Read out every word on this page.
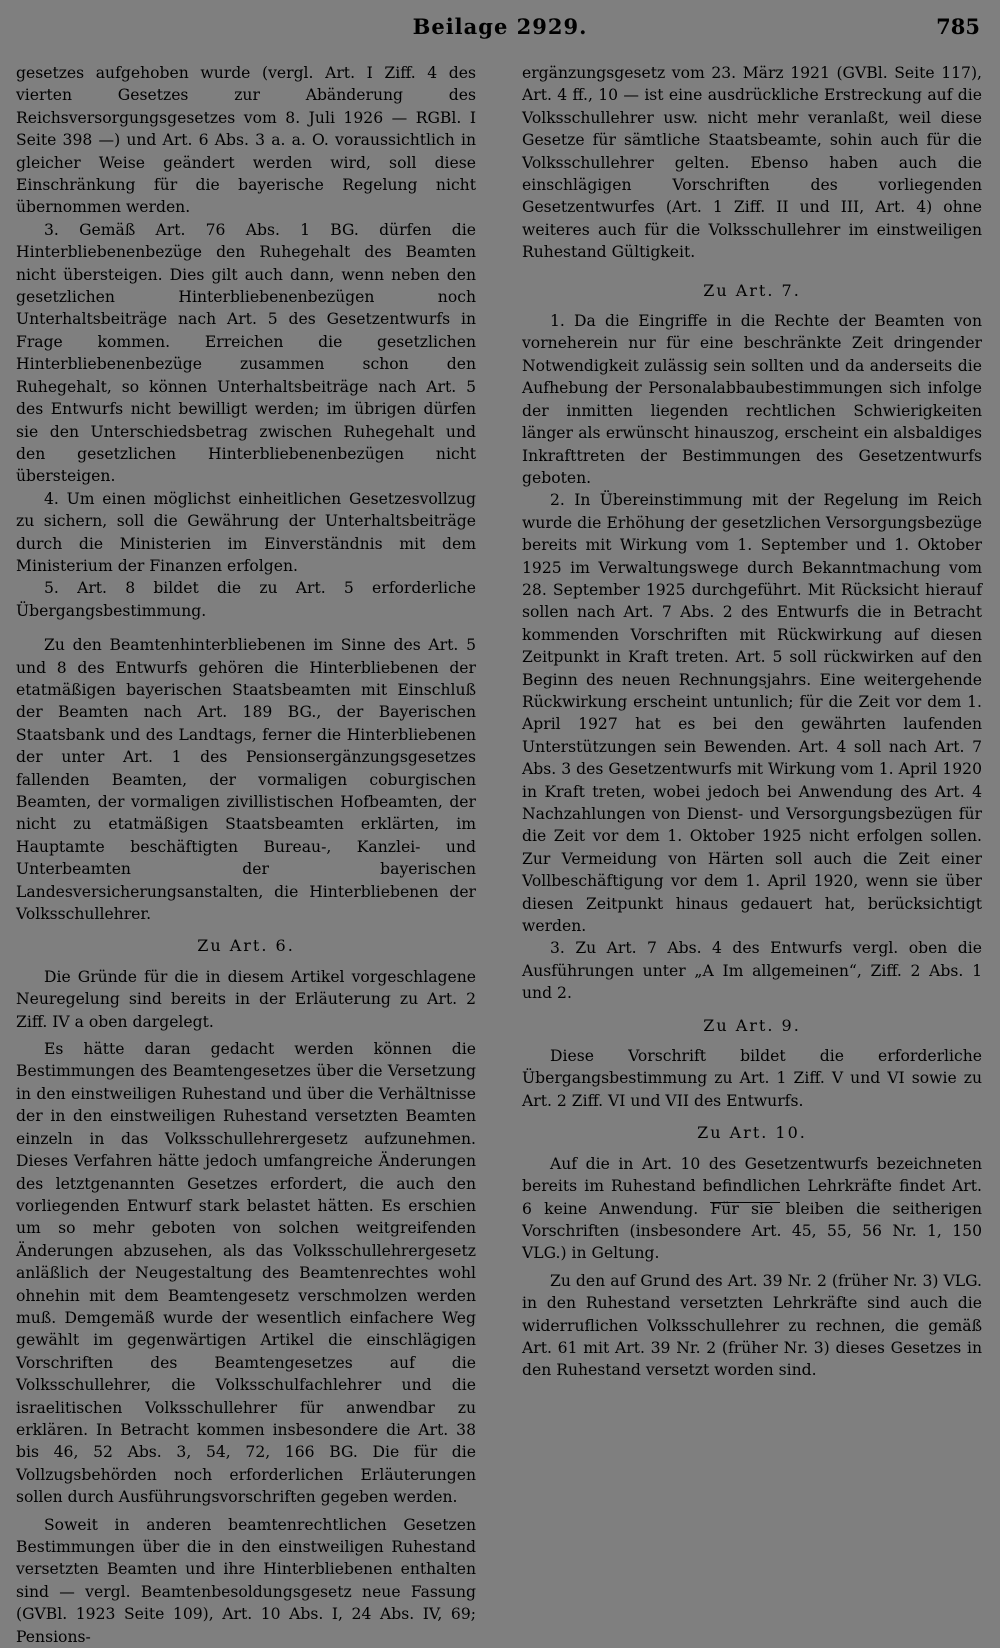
Beilage 2929.	785

gesetzes aufgehoben wurde (vergl. Art. I Ziff. 4 des vierten Gesetzes zur Abänderung des Reichsversorgungsgesetzes vom 8. Juli 1926 — RGBl. I Seite 398 —) und Art. 6 Abs. 3 a. a. O. voraussichtlich in gleicher Weise geändert werden wird, soll diese Einschränkung für die bayerische Regelung nicht übernommen werden.

3. Gemäß Art. 76 Abs. 1 BG. dürfen die Hinterbliebenenbezüge den Ruhegehalt des Beamten nicht übersteigen. Dies gilt auch dann, wenn neben den gesetzlichen Hinterbliebenenbezügen noch Unterhaltsbeiträge nach Art. 5 des Gesetzentwurfs in Frage kommen. Erreichen die gesetzlichen Hinterbliebenenbezüge zusammen schon den Ruhegehalt, so können Unterhaltsbeiträge nach Art. 5 des Entwurfs nicht bewilligt werden; im übrigen dürfen sie den Unterschiedsbetrag zwischen Ruhegehalt und den gesetzlichen Hinterbliebenenbezügen nicht übersteigen.

4. Um einen möglichst einheitlichen Gesetzesvollzug zu sichern, soll die Gewährung der Unterhaltsbeiträge durch die Ministerien im Einverständnis mit dem Ministerium der Finanzen erfolgen.

5. Art. 8 bildet die zu Art. 5 erforderliche Übergangsbestimmung.

Zu den Beamtenhinterbliebenen im Sinne des Art. 5 und 8 des Entwurfs gehören die Hinterbliebenen der etatmäßigen bayerischen Staatsbeamten mit Einschluß der Beamten nach Art. 189 BG., der Bayerischen Staatsbank und des Landtags, ferner die Hinterbliebenen der unter Art. 1 des Pensionsergänzungsgesetzes fallenden Beamten, der vormaligen coburgischen Beamten, der vormaligen zivillistischen Hofbeamten, der nicht zu etatmäßigen Staatsbeamten erklärten, im Hauptamte beschäftigten Bureau-, Kanzlei- und Unterbeamten der bayerischen Landesversicherungsanstalten, die Hinterbliebenen der Volksschullehrer.

Zu Art. 6.

Die Gründe für die in diesem Artikel vorgeschlagene Neuregelung sind bereits in der Erläuterung zu Art. 2 Ziff. IV a oben dargelegt.

Es hätte daran gedacht werden können die Bestimmungen des Beamtengesetzes über die Versetzung in den einstweiligen Ruhestand und über die Verhältnisse der in den einstweiligen Ruhestand versetzten Beamten einzeln in das Volksschullehrergesetz aufzunehmen. Dieses Verfahren hätte jedoch umfangreiche Änderungen des letztgenannten Gesetzes erfordert, die auch den vorliegenden Entwurf stark belastet hätten. Es erschien um so mehr geboten von solchen weitgreifenden Änderungen abzusehen, als das Volksschullehrergesetz anläßlich der Neugestaltung des Beamtenrechtes wohl ohnehin mit dem Beamtengesetz verschmolzen werden muß. Demgemäß wurde der wesentlich einfachere Weg gewählt im gegenwärtigen Artikel die einschlägigen Vorschriften des Beamtengesetzes auf die Volksschullehrer, die Volksschulfachlehrer und die israelitischen Volksschullehrer für anwendbar zu erklären. In Betracht kommen insbesondere die Art. 38 bis 46, 52 Abs. 3, 54, 72, 166 BG. Die für die Vollzugsbehörden noch erforderlichen Erläuterungen sollen durch Ausführungsvorschriften gegeben werden.

Soweit in anderen beamtenrechtlichen Gesetzen Bestimmungen über die in den einstweiligen Ruhestand versetzten Beamten und ihre Hinterbliebenen enthalten sind — vergl. Beamtenbesoldungsgesetz neue Fassung (GVBl. 1923 Seite 109), Art. 10 Abs. I, 24 Abs. IV, 69; Pensions-

ergänzungsgesetz vom 23. März 1921 (GVBl. Seite 117), Art. 4 ff., 10 — ist eine ausdrückliche Erstreckung auf die Volksschullehrer usw. nicht mehr veranlaßt, weil diese Gesetze für sämtliche Staatsbeamte, sohin auch für die Volksschullehrer gelten. Ebenso haben auch die einschlägigen Vorschriften des vorliegenden Gesetzentwurfes (Art. 1 Ziff. II und III, Art. 4) ohne weiteres auch für die Volksschullehrer im einstweiligen Ruhestand Gültigkeit.

Zu Art. 7.

1. Da die Eingriffe in die Rechte der Beamten von vorneherein nur für eine beschränkte Zeit dringender Notwendigkeit zulässig sein sollten und da anderseits die Aufhebung der Personalabbaubestimmungen sich infolge der inmitten liegenden rechtlichen Schwierigkeiten länger als erwünscht hinauszog, erscheint ein alsbaldiges Inkrafttreten der Bestimmungen des Gesetzentwurfs geboten.

2. In Übereinstimmung mit der Regelung im Reich wurde die Erhöhung der gesetzlichen Versorgungsbezüge bereits mit Wirkung vom 1. September und 1. Oktober 1925 im Verwaltungswege durch Bekanntmachung vom 28. September 1925 durchgeführt. Mit Rücksicht hierauf sollen nach Art. 7 Abs. 2 des Entwurfs die in Betracht kommenden Vorschriften mit Rückwirkung auf diesen Zeitpunkt in Kraft treten. Art. 5 soll rückwirken auf den Beginn des neuen Rechnungsjahrs. Eine weitergehende Rückwirkung erscheint untunlich; für die Zeit vor dem 1. April 1927 hat es bei den gewährten laufenden Unterstützungen sein Bewenden. Art. 4 soll nach Art. 7 Abs. 3 des Gesetzentwurfs mit Wirkung vom 1. April 1920 in Kraft treten, wobei jedoch bei Anwendung des Art. 4 Nachzahlungen von Dienst- und Versorgungsbezügen für die Zeit vor dem 1. Oktober 1925 nicht erfolgen sollen. Zur Vermeidung von Härten soll auch die Zeit einer Vollbeschäftigung vor dem 1. April 1920, wenn sie über diesen Zeitpunkt hinaus gedauert hat, berücksichtigt werden.

3. Zu Art. 7 Abs. 4 des Entwurfs vergl. oben die Ausführungen unter „A Im allgemeinen“, Ziff. 2 Abs. 1 und 2.

Zu Art. 9.

Diese Vorschrift bildet die erforderliche Übergangsbestimmung zu Art. 1 Ziff. V und VI sowie zu Art. 2 Ziff. VI und VII des Entwurfs.

Zu Art. 10.

Auf die in Art. 10 des Gesetzentwurfs bezeichneten bereits im Ruhestand befindlichen Lehrkräfte findet Art. 6 keine Anwendung. Für sie bleiben die seitherigen Vorschriften (insbesondere Art. 45, 55, 56 Nr. 1, 150 VLG.) in Geltung.

Zu den auf Grund des Art. 39 Nr. 2 (früher Nr. 3) VLG. in den Ruhestand versetzten Lehrkräfte sind auch die widerruflichen Volksschullehrer zu rechnen, die gemäß Art. 61 mit Art. 39 Nr. 2 (früher Nr. 3) dieses Gesetzes in den Ruhestand versetzt worden sind.
